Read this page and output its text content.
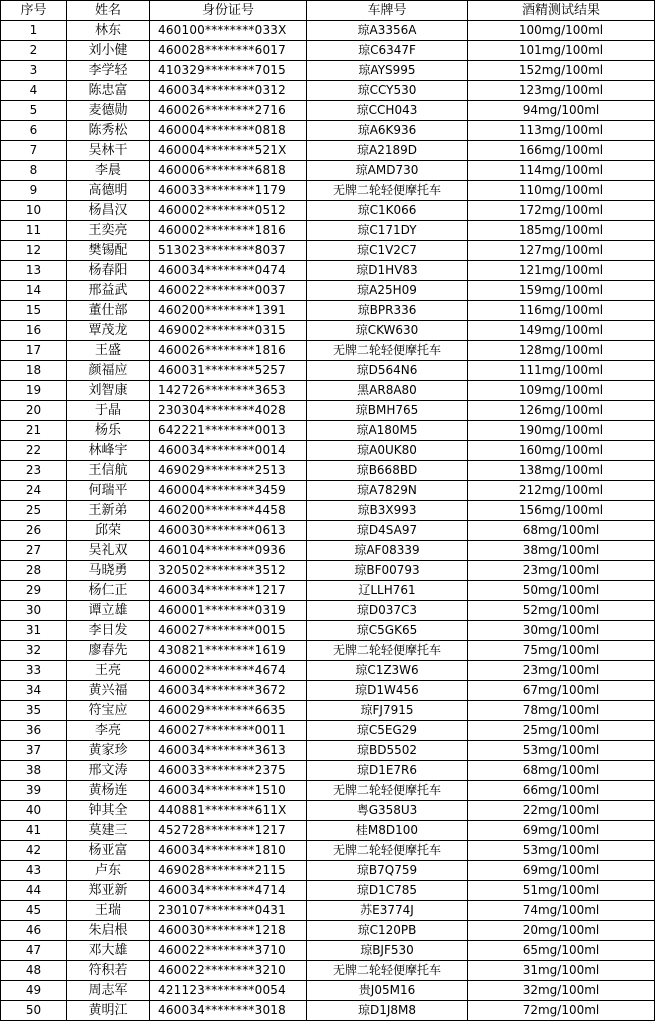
序号	姓名	身份证号	车牌号	酒精测试结果
1	林东	460100********033X	琼A3356A	100mg/100ml
2	刘小健	460028********6017	琼C6347F	101mg/100ml
3	李学轻	410329********7015	琼AYS995	152mg/100ml
4	陈忠富	460034********0312	琼CCY530	123mg/100ml
5	麦德勋	460026********2716	琼CCH043	94mg/100ml
6	陈秀松	460004********0818	琼A6K936	113mg/100ml
7	吴林干	460004********521X	琼A2189D	166mg/100ml
8	李晨	460006********6818	琼AMD730	114mg/100ml
9	高德明	460033********1179	无牌二轮轻便摩托车	110mg/100ml
10	杨昌汉	460002********0512	琼C1K066	172mg/100ml
11	王奕亮	460002********1816	琼C171DY	185mg/100ml
12	樊锡配	513023********8037	琼C1V2C7	127mg/100ml
13	杨春阳	460034********0474	琼D1HV83	121mg/100ml
14	邢益武	460022********0037	琼A25H09	159mg/100ml
15	董仕部	460200********1391	琼BPR336	116mg/100ml
16	覃茂龙	469002********0315	琼CKW630	149mg/100ml
17	王盛	460026********1816	无牌二轮轻便摩托车	128mg/100ml
18	颜福应	460031********5257	琼D564N6	111mg/100ml
19	刘智康	142726********3653	黑AR8A80	109mg/100ml
20	于晶	230304********4028	琼BMH765	126mg/100ml
21	杨乐	642221********0013	琼A180M5	190mg/100ml
22	林峰宇	460034********0014	琼A0UK80	160mg/100ml
23	王信航	469029********2513	琼B668BD	138mg/100ml
24	何瑞平	460004********3459	琼A7829N	212mg/100ml
25	王新弟	460200********4458	琼B3X993	156mg/100ml
26	邱荣	460030********0613	琼D4SA97	68mg/100ml
27	吴礼双	460104********0936	琼AF08339	38mg/100ml
28	马晓勇	320502********3512	琼BF00793	23mg/100ml
29	杨仁正	460034********1217	辽LLH761	50mg/100ml
30	谭立雄	460001********0319	琼D037C3	52mg/100ml
31	李日发	460027********0015	琼C5GK65	30mg/100ml
32	廖春先	430821********1619	无牌二轮轻便摩托车	75mg/100ml
33	王亮	460002********4674	琼C1Z3W6	23mg/100ml
34	黄兴福	460034********3672	琼D1W456	67mg/100ml
35	符宝应	460029********6635	琼FJ7915	78mg/100ml
36	李亮	460027********0011	琼C5EG29	25mg/100ml
37	黄家珍	460034********3613	琼BD5502	53mg/100ml
38	邢文涛	460033********2375	琼D1E7R6	68mg/100ml
39	黄杨连	460034********1510	无牌二轮轻便摩托车	66mg/100ml
40	钟其全	440881********611X	粤G358U3	22mg/100ml
41	莫建三	452728********1217	桂M8D100	69mg/100ml
42	杨亚富	460034********1810	无牌二轮轻便摩托车	53mg/100ml
43	卢东	469028********2115	琼B7Q759	69mg/100ml
44	郑亚新	460034********4714	琼D1C785	51mg/100ml
45	王瑞	230107********0431	苏E3774J	74mg/100ml
46	朱启根	460030********1218	琼C120PB	20mg/100ml
47	邓大雄	460022********3710	琼BJF530	65mg/100ml
48	符积若	460022********3210	无牌二轮轻便摩托车	31mg/100ml
49	周志军	421123********0054	贵J05M16	32mg/100ml
50	黄明江	460034********3018	琼D1J8M8	72mg/100ml
